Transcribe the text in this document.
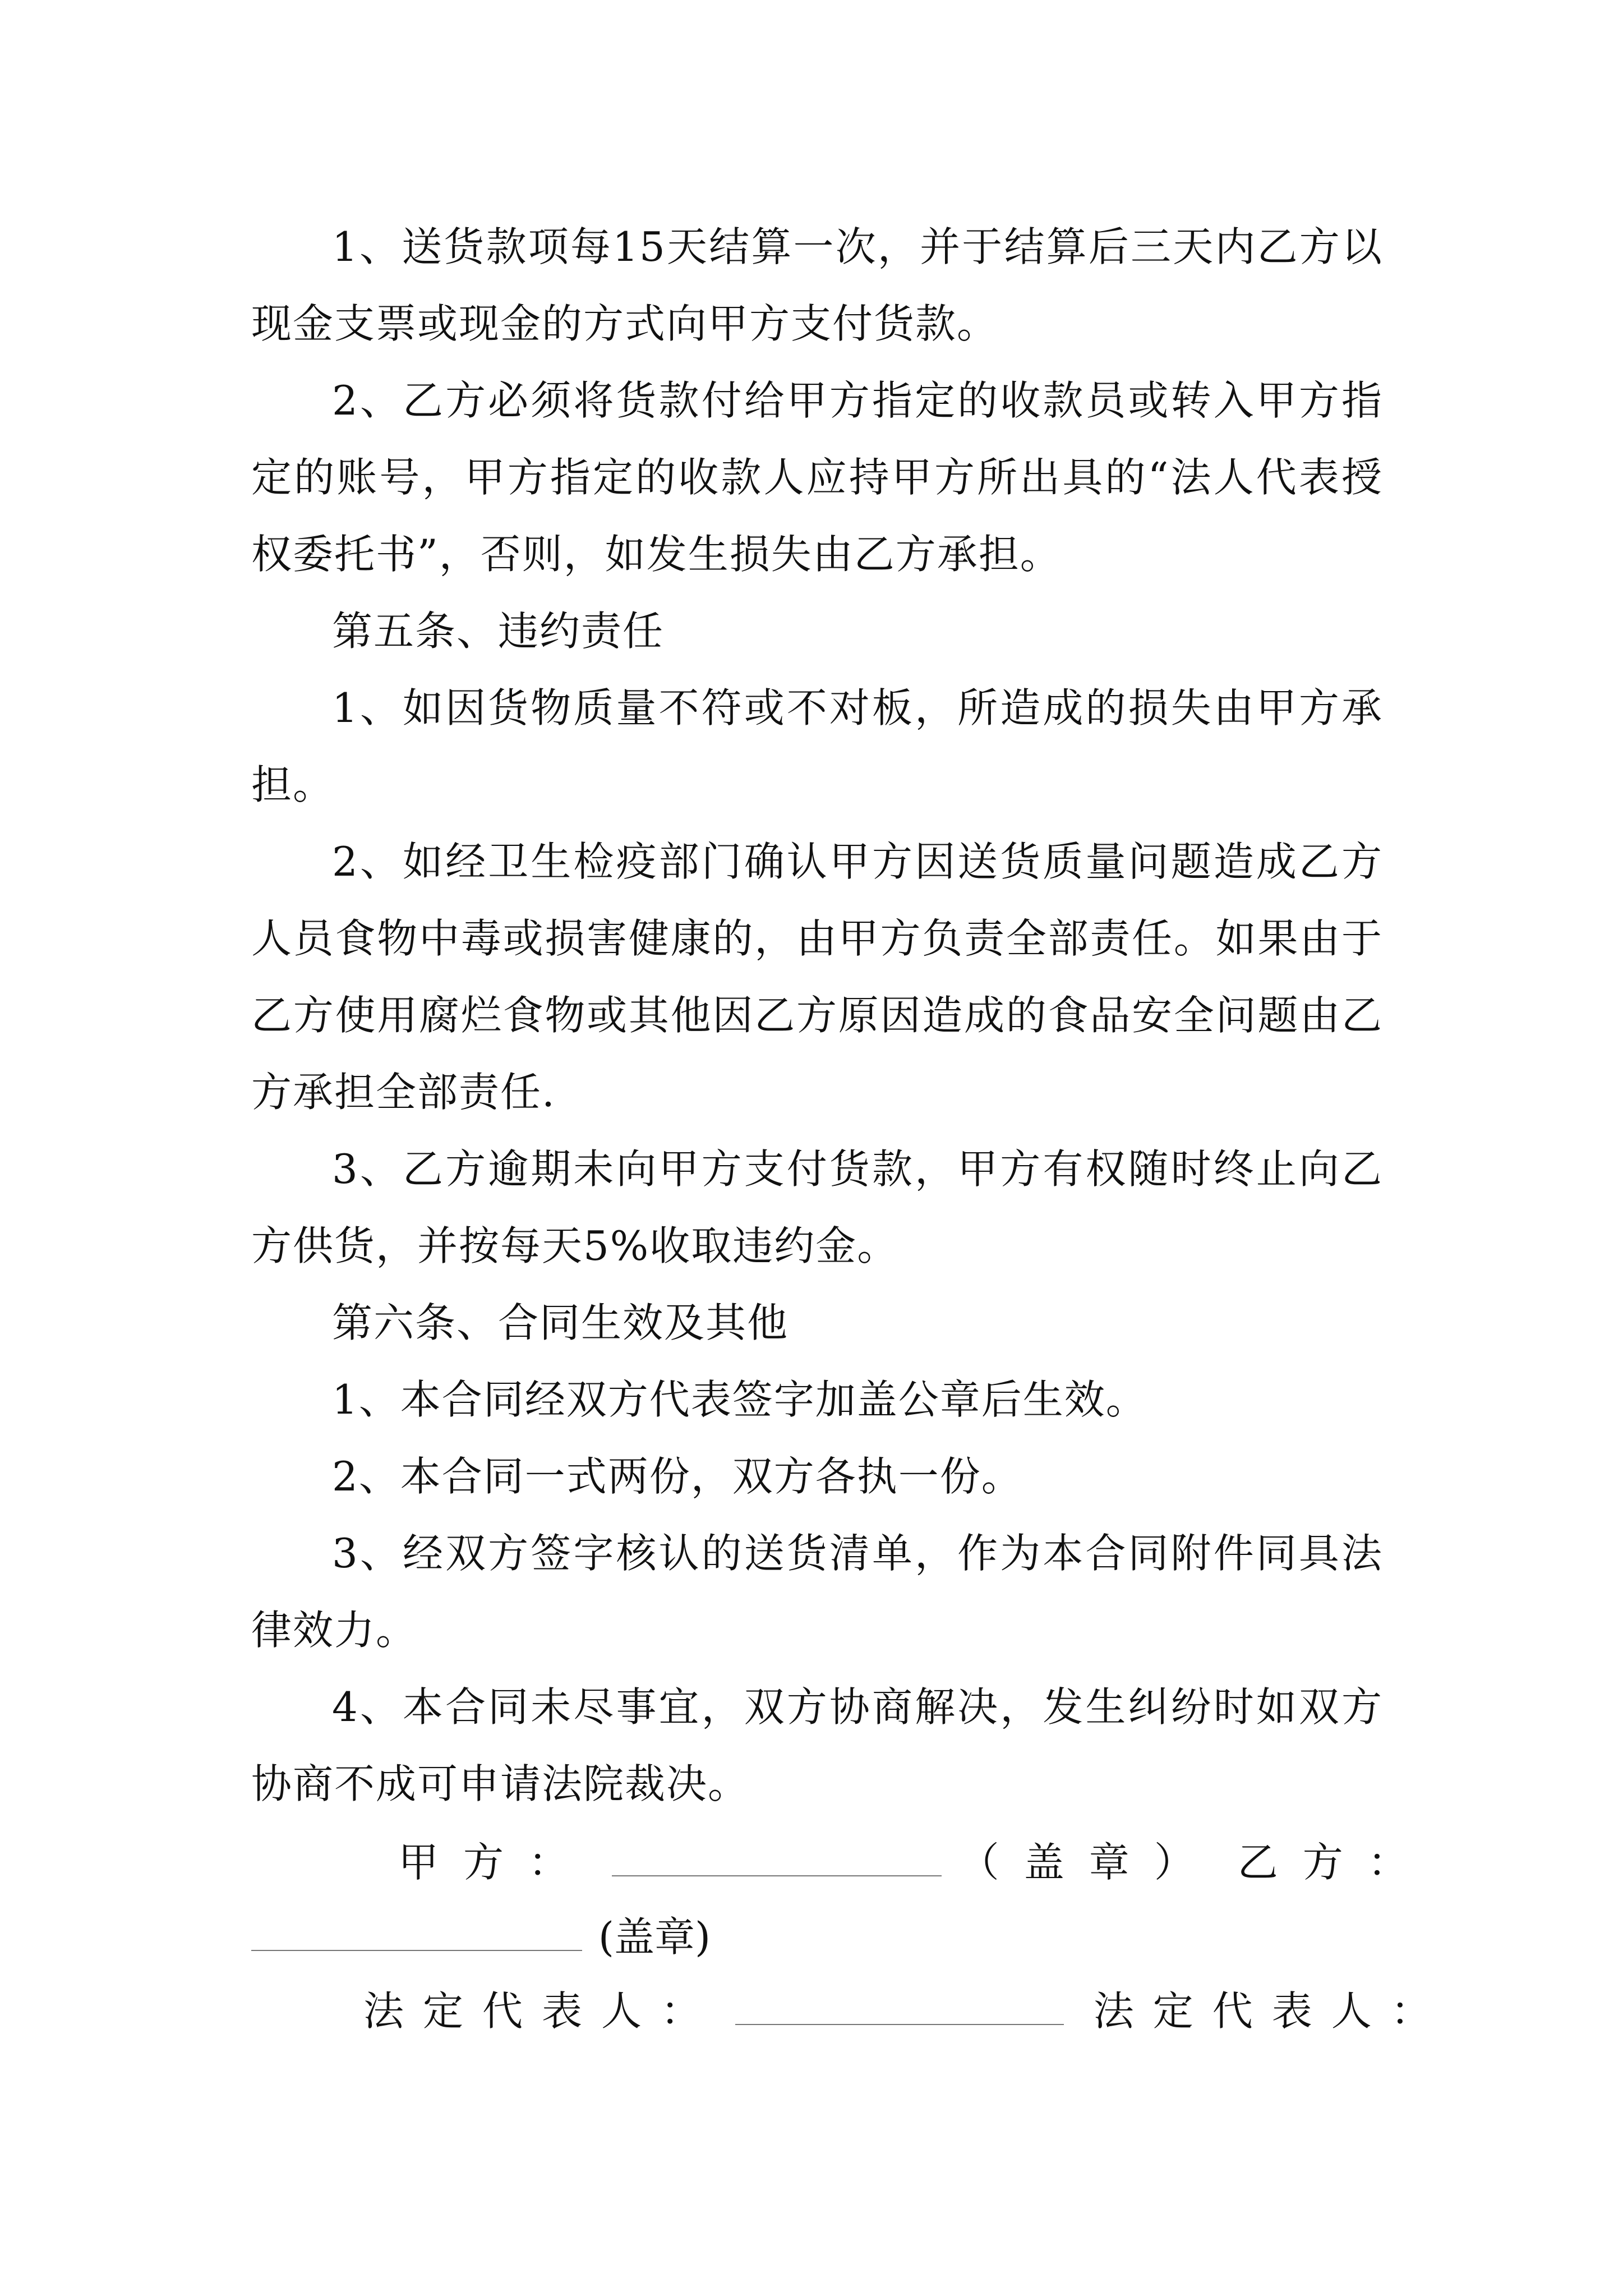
1、送货款项每15天结算一次，并于结算后三天内乙方以现金支票或现金的方式向甲方支付货款。

2、乙方必须将货款付给甲方指定的收款员或转入甲方指定的账号，甲方指定的收款人应持甲方所出具的“法人代表授权委托书”，否则，如发生损失由乙方承担。

第五条、违约责任

1、如因货物质量不符或不对板，所造成的损失由甲方承担。

2、如经卫生检疫部门确认甲方因送货质量问题造成乙方人员食物中毒或损害健康的，由甲方负责全部责任。如果由于乙方使用腐烂食物或其他因乙方原因造成的食品安全问题由乙方承担全部责任.

3、乙方逾期未向甲方支付货款，甲方有权随时终止向乙方供货，并按每天5%收取违约金。

第六条、合同生效及其他

1、本合同经双方代表签字加盖公章后生效。

2、本合同一式两份，双方各执一份。

3、经双方签字核认的送货清单，作为本合同附件同具法律效力。

4、本合同未尽事宜，双方协商解决，发生纠纷时如双方协商不成可申请法院裁决。

甲方：	（盖章） 乙方：
(盖章)
法定代表人：	法定代表人：
